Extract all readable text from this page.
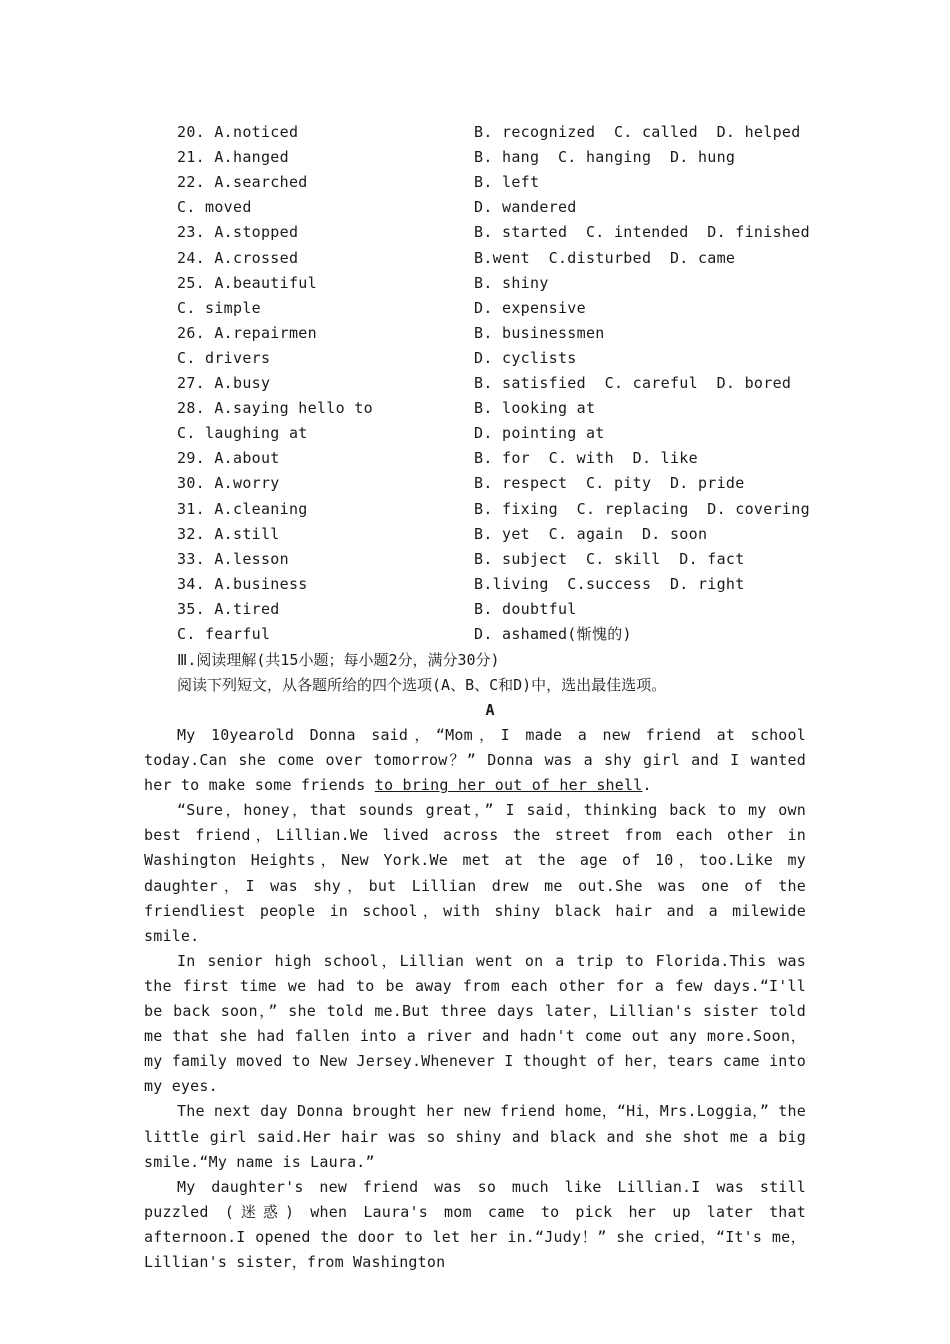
20. A.noticed	B. recognized  C. called  D. helped
21. A.hanged	B. hang  C. hanging  D. hung
22. A.searched	B. left
C. moved	D. wandered
23. A.stopped	B. started  C. intended  D. finished
24. A.crossed	B.went  C.disturbed  D. came
25. A.beautiful	B. shiny
C. simple	D. expensive
26. A.repairmen	B. businessmen
C. drivers	D. cyclists
27. A.busy	B. satisfied  C. careful  D. bored
28. A.saying hello to	B. looking at
C. laughing at	D. pointing at
29. A.about	B. for  C. with  D. like
30. A.worry	B. respect  C. pity  D. pride
31. A.cleaning	B. fixing  C. replacing  D. covering
32. A.still	B. yet  C. again  D. soon
33. A.lesson	B. subject  C. skill  D. fact
34. A.business	B.living  C.success  D. right
35. A.tired	B. doubtful
C. fearful	D. ashamed(惭愧的)
Ⅲ.阅读理解(共15小题；每小题2分，满分30分)
阅读下列短文，从各题所给的四个选项(A、B、C和D)中，选出最佳选项。
A

My 10yearold Donna said，“Mom，I made a new friend at school today.Can she come over tomorrow？” Donna was a shy girl and I wanted her to make some friends to bring her out of her shell.

“Sure，honey，that sounds great，” I said，thinking back to my own best friend，Lillian.We lived across the street from each other in Washington Heights，New York.We met at the age of 10，too.Like my daughter，I was shy，but Lillian drew me out.She was one of the friendliest people in school，with shiny black hair and a milewide smile.

In senior high school，Lillian went on a trip to Florida.This was the first time we had to be away from each other for a few days.“I'll be back soon，” she told me.But three days later，Lillian's sister told me that she had fallen into a river and hadn't come out any more.Soon，my family moved to New Jersey.Whenever I thought of her，tears came into my eyes.

The next day Donna brought her new friend home，“Hi，Mrs.Loggia，” the little girl said.Her hair was so shiny and black and she shot me a big smile.“My name is Laura.”

My daughter's new friend was so much like Lillian.I was still puzzled (迷惑) when Laura's mom came to pick her up later that afternoon.I opened the door to let her in.“Judy！” she cried，“It's me，Lillian's sister，from Washington
